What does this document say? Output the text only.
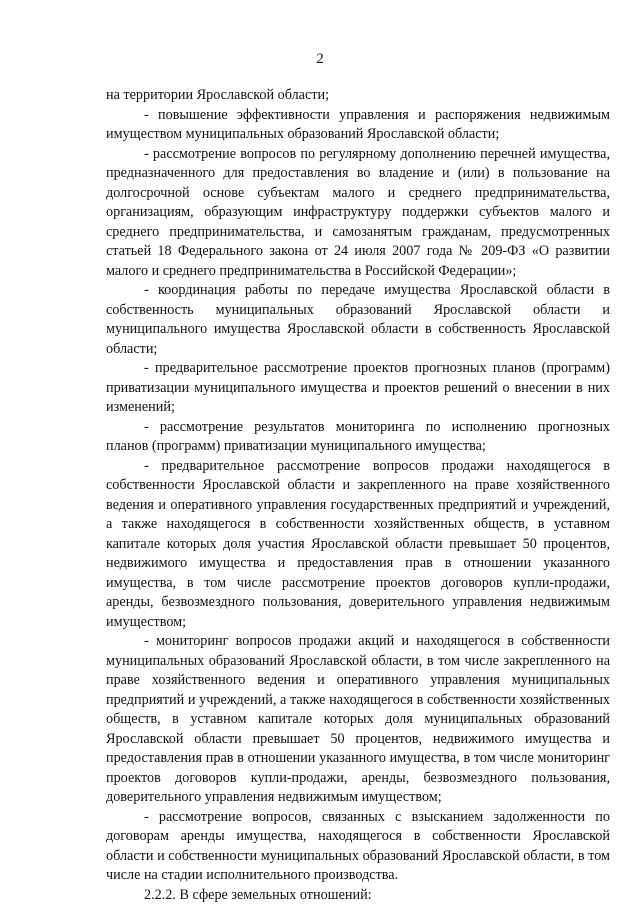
2

на территории Ярославской области;

- повышение эффективности управления и распоряжения недвижимым имуществом муниципальных образований Ярославской области;

- рассмотрение вопросов по регулярному дополнению перечней имущества, предназначенного для предоставления во владение и (или) в пользование на долгосрочной основе субъектам малого и среднего предпринимательства, организациям, образующим инфраструктуру поддержки субъектов малого и среднего предпринимательства, и самозанятым гражданам, предусмотренных статьей 18 Федерального закона от 24 июля 2007 года № 209-ФЗ «О развитии малого и среднего предпринимательства в Российской Федерации»;

- координация работы по передаче имущества Ярославской области в собственность муниципальных образований Ярославской области и муниципального имущества Ярославской области в собственность Ярославской области;

- предварительное рассмотрение проектов прогнозных планов (программ) приватизации муниципального имущества и проектов решений о внесении в них изменений;

- рассмотрение результатов мониторинга по исполнению прогнозных планов (программ) приватизации муниципального имущества;

- предварительное рассмотрение вопросов продажи находящегося в собственности Ярославской области и закрепленного на праве хозяйственного ведения и оперативного управления государственных предприятий и учреждений, а также находящегося в собственности хозяйственных обществ, в уставном капитале которых доля участия Ярославской области превышает 50 процентов, недвижимого имущества и предоставления прав в отношении указанного имущества, в том числе рассмотрение проектов договоров купли-продажи, аренды, безвозмездного пользования, доверительного управления недвижимым имуществом;

- мониторинг вопросов продажи акций и находящегося в собственности муниципальных образований Ярославской области, в том числе закрепленного на праве хозяйственного ведения и оперативного управления муниципальных предприятий и учреждений, а также находящегося в собственности хозяйственных обществ, в уставном капитале которых доля муниципальных образований Ярославской области превышает 50 процентов, недвижимого имущества и предоставления прав в отношении указанного имущества, в том числе мониторинг проектов договоров купли-продажи, аренды, безвозмездного пользования, доверительного управления недвижимым имуществом;

- рассмотрение вопросов, связанных с взысканием задолженности по договорам аренды имущества, находящегося в собственности Ярославской области и собственности муниципальных образований Ярославской области, в том числе на стадии исполнительного производства.

2.2.2. В сфере земельных отношений:
